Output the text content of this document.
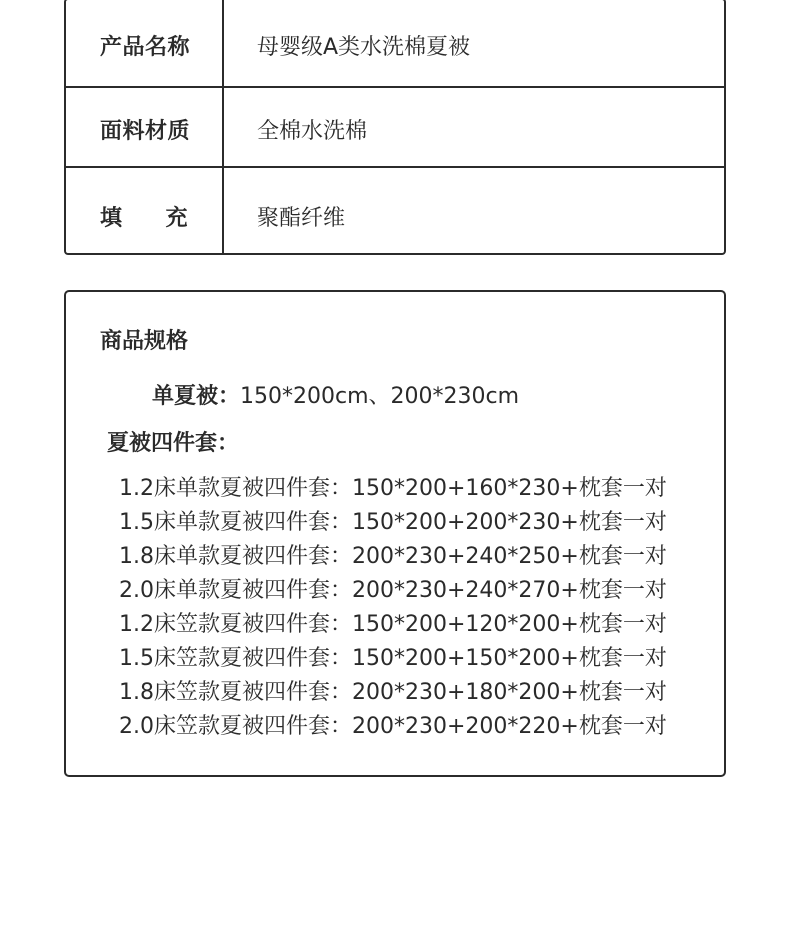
产品名称	母婴级A类水洗棉夏被
面料材质	全棉水洗棉
填 充	聚酯纤维
商品规格
单夏被：150*200cm、200*230cm
夏被四件套：
1.2床单款夏被四件套：150*200+160*230+枕套一对
1.5床单款夏被四件套：150*200+200*230+枕套一对
1.8床单款夏被四件套：200*230+240*250+枕套一对
2.0床单款夏被四件套：200*230+240*270+枕套一对
1.2床笠款夏被四件套：150*200+120*200+枕套一对
1.5床笠款夏被四件套：150*200+150*200+枕套一对
1.8床笠款夏被四件套：200*230+180*200+枕套一对
2.0床笠款夏被四件套：200*230+200*220+枕套一对
